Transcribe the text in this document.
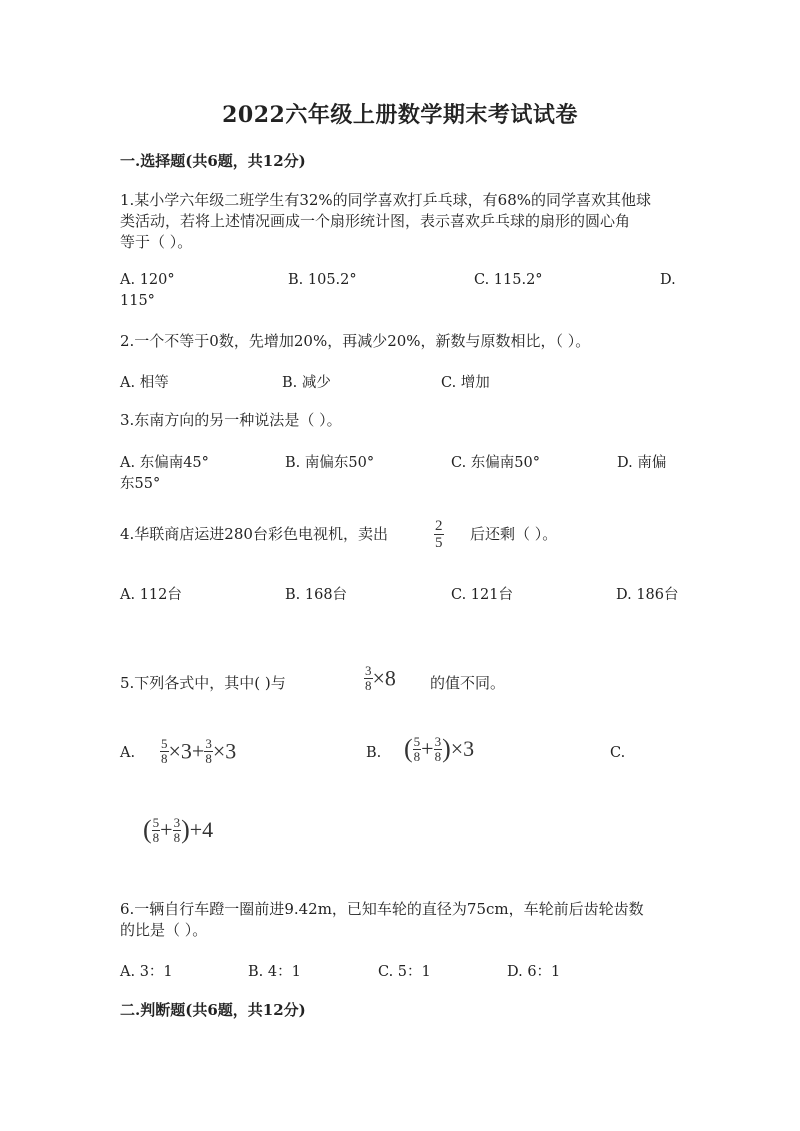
2022六年级上册数学期末考试试卷
一.选择题(共6题，共12分)
1.某小学六年级二班学生有32%的同学喜欢打乒乓球，有68%的同学喜欢其他球
类活动，若将上述情况画成一个扇形统计图，表示喜欢乒乓球的扇形的圆心角
等于（ ）。
A. 120°	B. 105.2°	C. 115.2°	D.
115°
2.一个不等于0数，先增加20%，再减少20%，新数与原数相比，（ ）。
A. 相等	B. 减少	C. 增加
3.东南方向的另一种说法是（ ）。
A. 东偏南45°	B. 南偏东50°	C. 东偏南50°	D. 南偏
东55°
4.华联商店运进280台彩色电视机，卖出	$\frac{2}{5}$ 后还剩（ ）。
A. 112台	B. 168台	C. 121台	D. 186台
5.下列各式中，其中( )与	$\frac{3}{8} \times 8$ 的值不同。
A. $\frac{5}{8} \times 3+ \frac{3}{8} \times 3$	B. ( $\frac{5}{8} + \frac{3}{8} )\times 3$	C.
( $\frac{5}{8} + \frac{3}{8} )+4$
6.一辆自行车蹬一圈前进9.42m，已知车轮的直径为75cm，车轮前后齿轮齿数
的比是（ ）。
A. 3：1	B. 4：1	C. 5：1	D. 6：1
二.判断题(共6题，共12分)
